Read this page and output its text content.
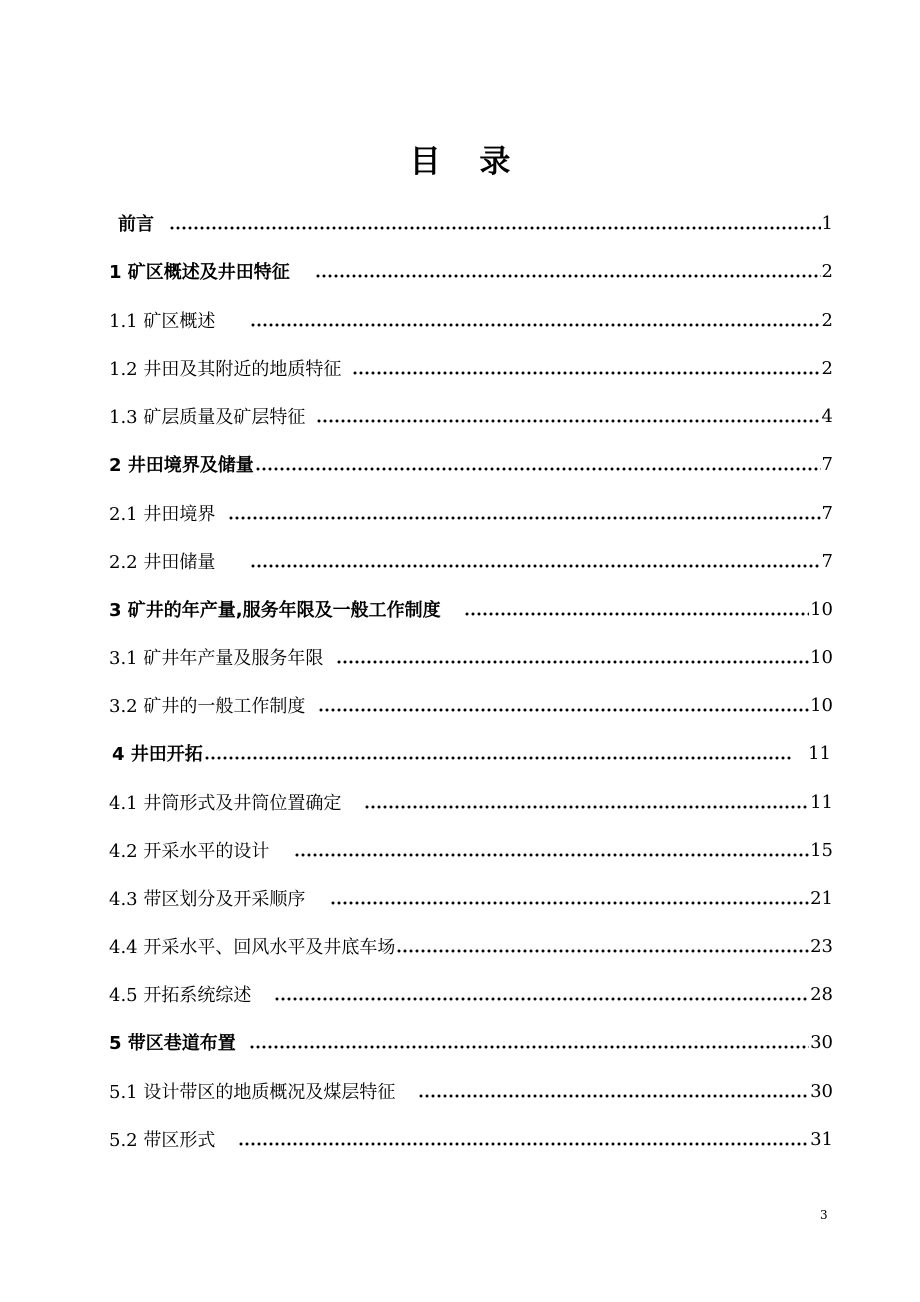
目 录
前言	1
1 矿区概述及井田特征	2
1.1 矿区概述	2
1.2 井田及其附近的地质特征	2
1.3 矿层质量及矿层特征	4
2 井田境界及储量	7
2.1 井田境界	7
2.2 井田储量	7
3 矿井的年产量,服务年限及一般工作制度	10
3.1 矿井年产量及服务年限	10
3.2 矿井的一般工作制度	10
4 井田开拓	11
4.1 井筒形式及井筒位置确定	11
4.2 开采水平的设计	15
4.3 带区划分及开采顺序	21
4.4 开采水平、回风水平及井底车场	23
4.5 开拓系统综述	28
5 带区巷道布置	30
5.1 设计带区的地质概况及煤层特征	30
5.2 带区形式	31
3
